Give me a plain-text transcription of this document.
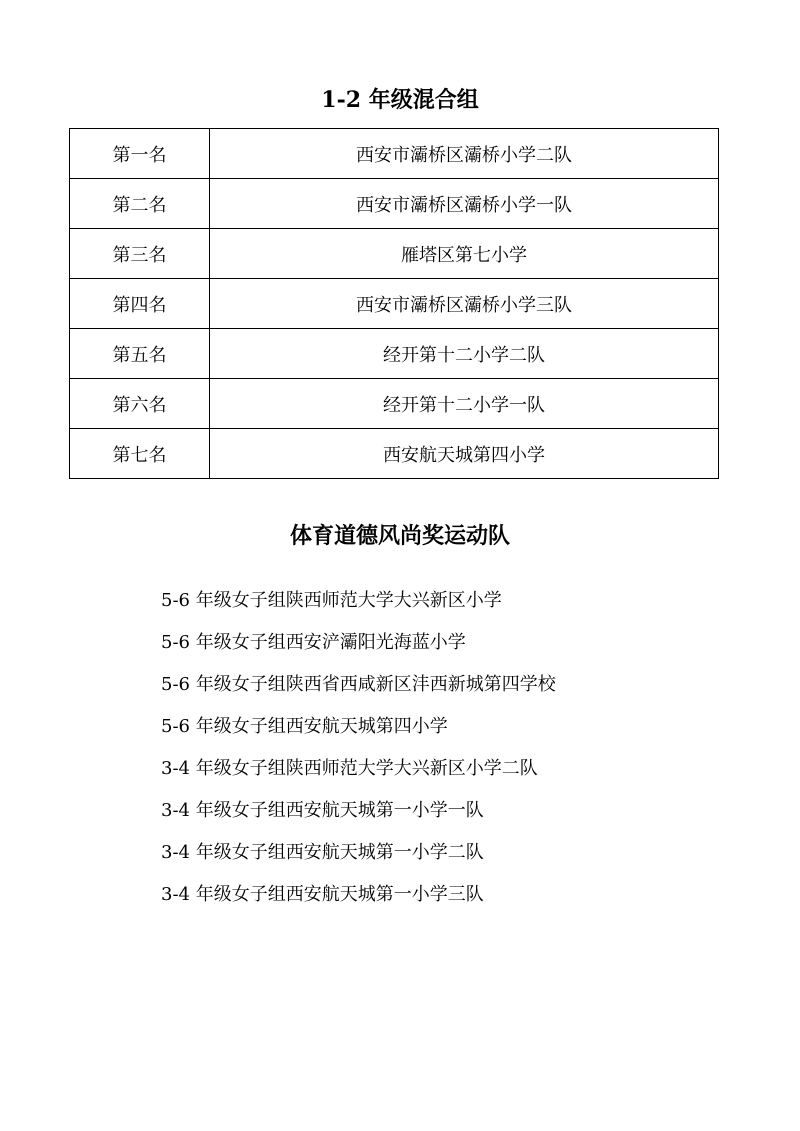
1-2 年级混合组
第一名	西安市灞桥区灞桥小学二队
第二名	西安市灞桥区灞桥小学一队
第三名	雁塔区第七小学
第四名	西安市灞桥区灞桥小学三队
第五名	经开第十二小学二队
第六名	经开第十二小学一队
第七名	西安航天城第四小学
体育道德风尚奖运动队
5-6 年级女子组陕西师范大学大兴新区小学
5-6 年级女子组西安浐灞阳光海蓝小学
5-6 年级女子组陕西省西咸新区沣西新城第四学校
5-6 年级女子组西安航天城第四小学
3-4 年级女子组陕西师范大学大兴新区小学二队
3-4 年级女子组西安航天城第一小学一队
3-4 年级女子组西安航天城第一小学二队
3-4 年级女子组西安航天城第一小学三队
